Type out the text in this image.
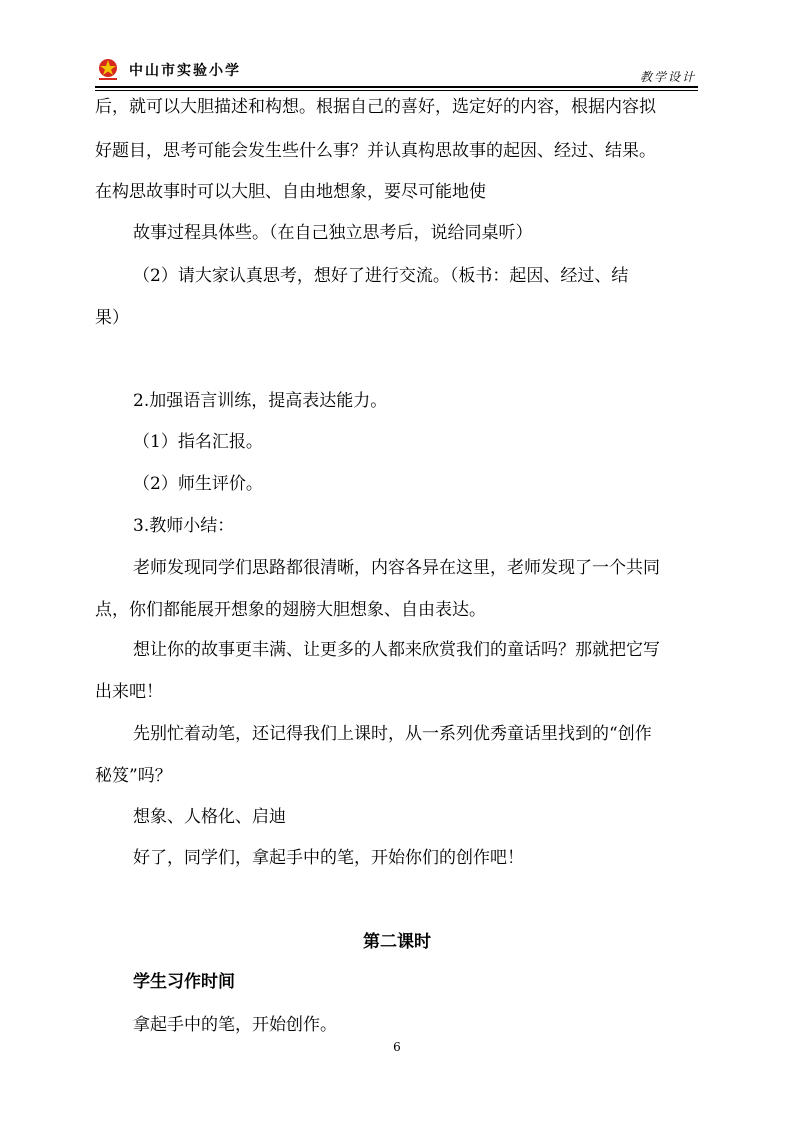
中山市实验小学	教学设计
后，就可以大胆描述和构想。根据自己的喜好，选定好的内容，根据内容拟
好题目，思考可能会发生些什么事？并认真构思故事的起因、经过、结果。
在构思故事时可以大胆、自由地想象，要尽可能地使
故事过程具体些。（在自己独立思考后，说给同桌听）
（2）请大家认真思考，想好了进行交流。（板书：起因、经过、结
果）
2.加强语言训练，提高表达能力。
（1）指名汇报。
（2）师生评价。
3.教师小结：
老师发现同学们思路都很清晰，内容各异在这里，老师发现了一个共同
点，你们都能展开想象的翅膀大胆想象、自由表达。
想让你的故事更丰满、让更多的人都来欣赏我们的童话吗？那就把它写
出来吧！
先别忙着动笔，还记得我们上课时，从一系列优秀童话里找到的“创作
秘笈”吗？
想象、人格化、启迪
好了，同学们，拿起手中的笔，开始你们的创作吧！
第二课时
学生习作时间
拿起手中的笔，开始创作。
6
